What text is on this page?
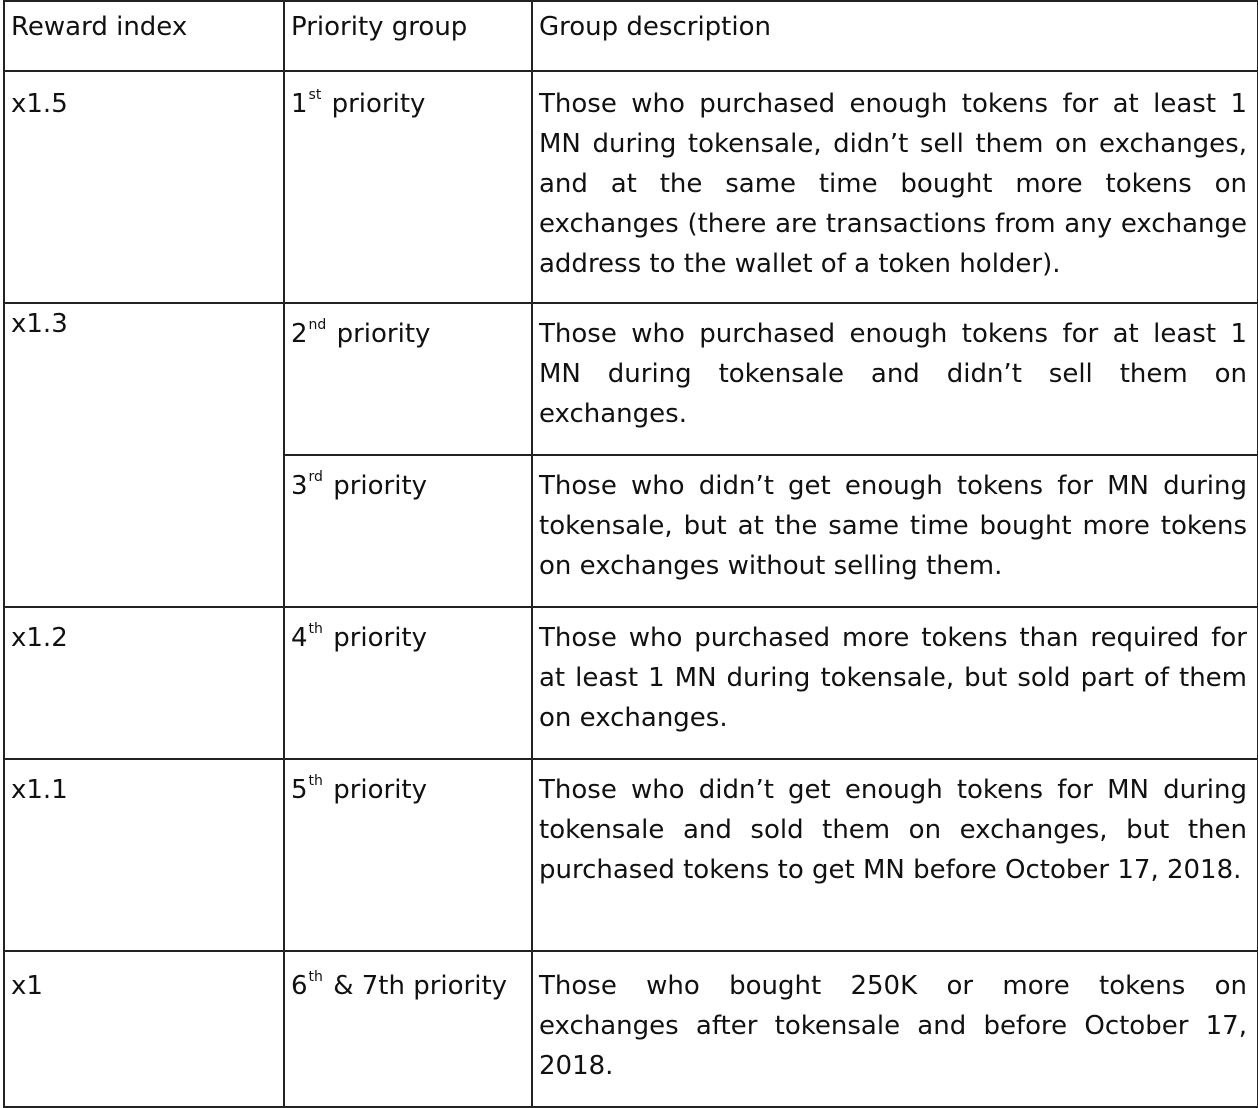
Reward index	Priority group	Group description
x1.5	1st priority	Those who purchased enough tokens for at least 1 MN during tokensale, didn’t sell them on exchanges, and at the same time bought more tokens on exchanges (there are transactions from any exchange address to the wallet of a token holder).
x1.3	2nd priority	Those who purchased enough tokens for at least 1 MN during tokensale and didn’t sell them on exchanges.
	3rd priority	Those who didn’t get enough tokens for MN during tokensale, but at the same time bought more tokens on exchanges without selling them.
x1.2	4th priority	Those who purchased more tokens than required for at least 1 MN during tokensale, but sold part of them on exchanges.
x1.1	5th priority	Those who didn’t get enough tokens for MN during tokensale and sold them on exchanges, but then purchased tokens to get MN before October 17, 2018.
x1	6th & 7th priority	Those who bought 250K or more tokens on exchanges after tokensale and before October 17, 2018.
